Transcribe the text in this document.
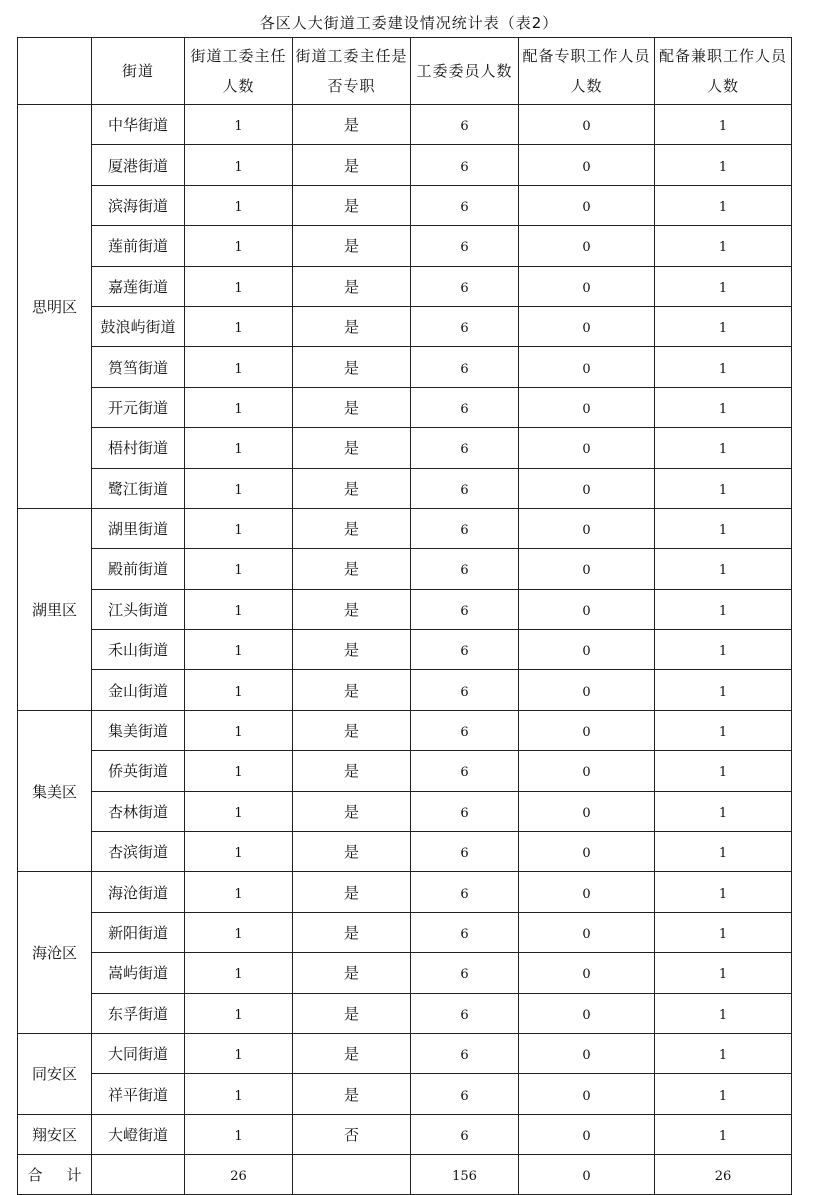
各区人大街道工委建设情况统计表（表2）
	街道	街道工委主任人数	街道工委主任是否专职	工委委员人数	配备专职工作人员人数	配备兼职工作人员人数
思明区	中华街道	1	是	6	0	1
	厦港街道	1	是	6	0	1
	滨海街道	1	是	6	0	1
	莲前街道	1	是	6	0	1
	嘉莲街道	1	是	6	0	1
	鼓浪屿街道	1	是	6	0	1
	筼筜街道	1	是	6	0	1
	开元街道	1	是	6	0	1
	梧村街道	1	是	6	0	1
	鹭江街道	1	是	6	0	1
湖里区	湖里街道	1	是	6	0	1
	殿前街道	1	是	6	0	1
	江头街道	1	是	6	0	1
	禾山街道	1	是	6	0	1
	金山街道	1	是	6	0	1
集美区	集美街道	1	是	6	0	1
	侨英街道	1	是	6	0	1
	杏林街道	1	是	6	0	1
	杏滨街道	1	是	6	0	1
海沧区	海沧街道	1	是	6	0	1
	新阳街道	1	是	6	0	1
	嵩屿街道	1	是	6	0	1
	东孚街道	1	是	6	0	1
同安区	大同街道	1	是	6	0	1
	祥平街道	1	是	6	0	1
翔安区	大嶝街道	1	否	6	0	1
合 计		26		156	0	26
